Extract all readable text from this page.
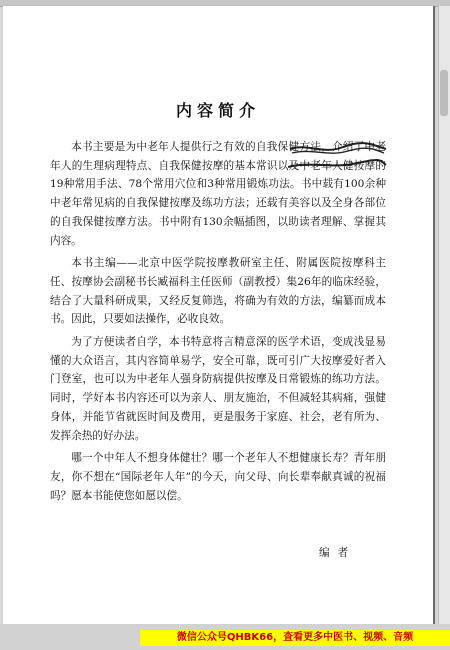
内容简介

本书主要是为中老年人提供行之有效的自我保健方法，介绍了中老年人的生理病理特点、自我保健按摩的基本常识以及中老年人健按摩的19种常用手法、78个常用穴位和3种常用锻炼功法。书中载有100余种中老年常见病的自我保健按摩及练功方法；还载有美容以及全身各部位的自我保健按摩方法。书中附有130余幅插图，以助读者理解、掌握其内容。

本书主编——北京中医学院按摩教研室主任、附属医院按摩科主任、按摩协会副秘书长臧福科主任医师（副教授）集26年的临床经验，结合了大量科研成果，又经反复筛选，将确为有效的方法，编纂而成本书。因此，只要如法操作，必收良效。

为了方便读者自学，本书特意将言精意深的医学术语，变成浅显易懂的大众语言，其内容简单易学，安全可靠，既可引广大按摩爱好者入门登室，也可以为中老年人强身防病提供按摩及日常锻炼的练功方法。同时，学好本书内容还可以为亲人、朋友施治，不但减轻其病痛，强健身体，并能节省就医时间及费用，更是服务于家庭、社会，老有所为、发挥余热的好办法。

哪一个中年人不想身体健壮？哪一个老年人不想健康长寿？青年朋友，你不想在“国际老年人年”的今天，向父母、向长辈奉献真诚的祝福吗？愿本书能使您如愿以偿。

编者
微信公众号QHBK66，查看更多中医书、视频、音频
